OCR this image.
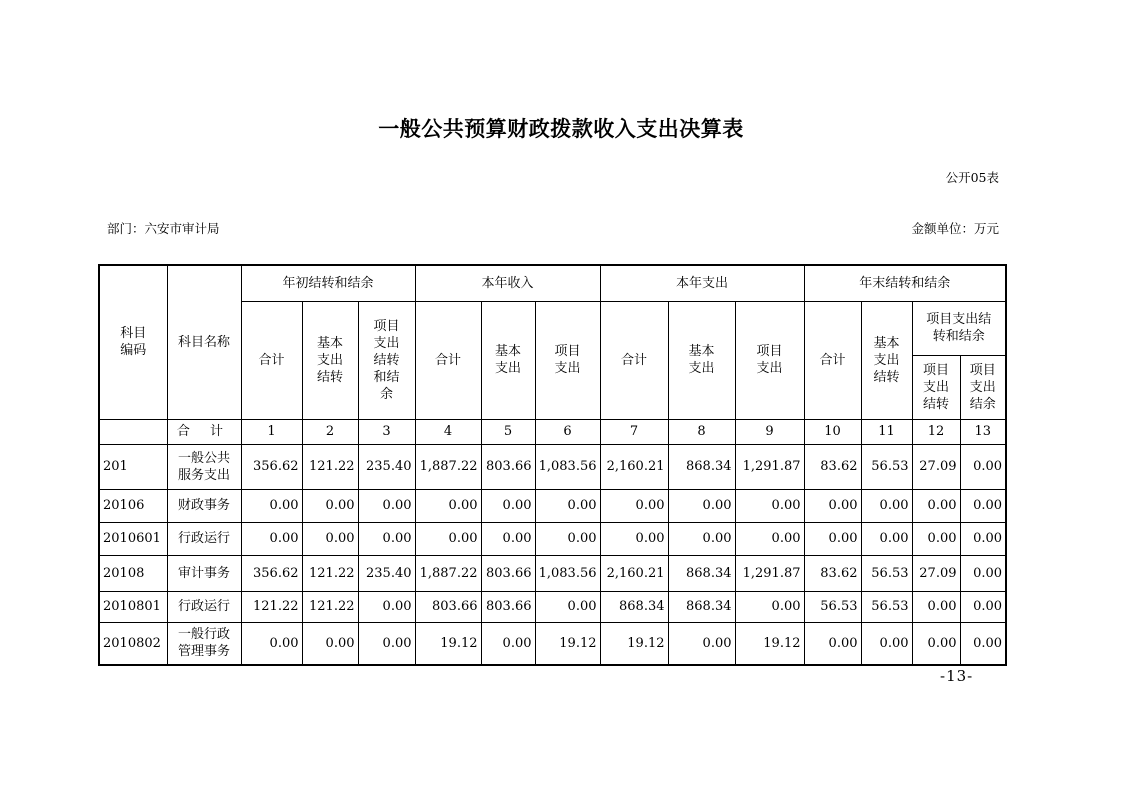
一般公共预算财政拨款收入支出决算表
公开05表
部门：六安市审计局	金额单位：万元
科目编码	科目名称	年初结转和结余			本年收入			本年支出			年末结转和结余			
		合计	基本支出结转	项目支出结转和结余	合计	基本支出	项目支出	合计	基本支出	项目支出	合计	基本支出结转	项目支出结转和结余	

													项目支出结转	项目支出结余

	合 计	1	2	3	4	5	6	7	8	9	10	11	12	13
201	一般公共服务支出	356.62	121.22	235.40	1,887.22	803.66	1,083.56	2,160.21	868.34	1,291.87	83.62	56.53	27.09	0.00
20106	财政事务	0.00	0.00	0.00	0.00	0.00	0.00	0.00	0.00	0.00	0.00	0.00	0.00	0.00
2010601	行政运行	0.00	0.00	0.00	0.00	0.00	0.00	0.00	0.00	0.00	0.00	0.00	0.00	0.00
20108	审计事务	356.62	121.22	235.40	1,887.22	803.66	1,083.56	2,160.21	868.34	1,291.87	83.62	56.53	27.09	0.00
2010801	行政运行	121.22	121.22	0.00	803.66	803.66	0.00	868.34	868.34	0.00	56.53	56.53	0.00	0.00
2010802	一般行政管理事务	0.00	0.00	0.00	19.12	0.00	19.12	19.12	0.00	19.12	0.00	0.00	0.00	0.00
-13-
